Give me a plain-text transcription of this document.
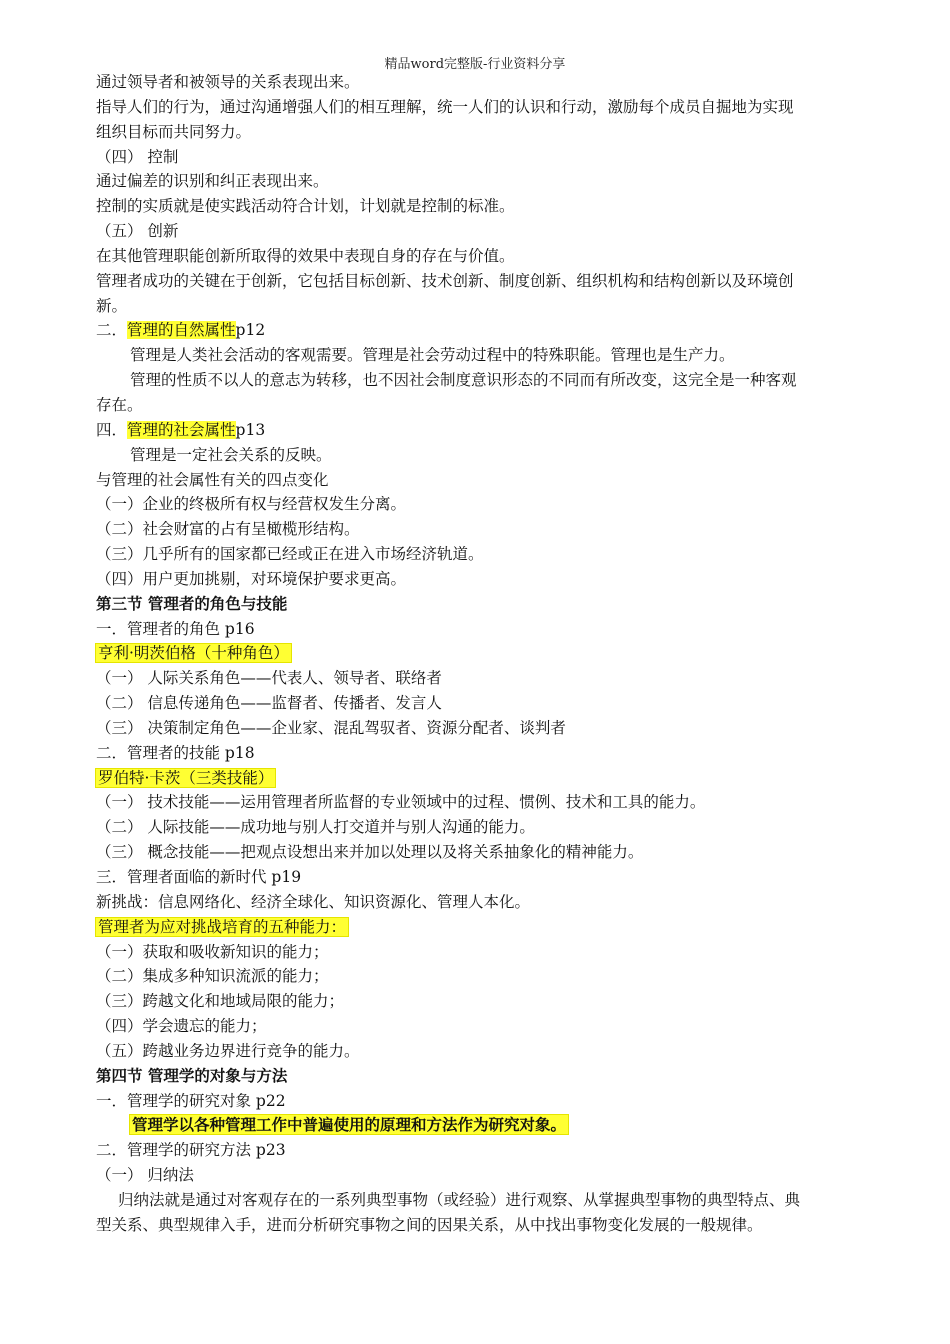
精品word完整版-行业资料分享
通过领导者和被领导的关系表现出来。
指导人们的行为，通过沟通增强人们的相互理解，统一人们的认识和行动，激励每个成员自掘地为实现
组织目标而共同努力。
（四） 控制
通过偏差的识别和纠正表现出来。
控制的实质就是使实践活动符合计划，计划就是控制的标准。
（五） 创新
在其他管理职能创新所取得的效果中表现自身的存在与价值。
管理者成功的关键在于创新，它包括目标创新、技术创新、制度创新、组织机构和结构创新以及环境创
新。
二．管理的自然属性p12
管理是人类社会活动的客观需要。管理是社会劳动过程中的特殊职能。管理也是生产力。
管理的性质不以人的意志为转移，也不因社会制度意识形态的不同而有所改变，这完全是一种客观
存在。
四．管理的社会属性p13
管理是一定社会关系的反映。
与管理的社会属性有关的四点变化
（一）企业的终极所有权与经营权发生分离。
（二）社会财富的占有呈橄榄形结构。
（三）几乎所有的国家都已经或正在进入市场经济轨道。
（四）用户更加挑剔，对环境保护要求更高。
第三节 管理者的角色与技能
一．管理者的角色 p16
亨利·明茨伯格（十种角色）
（一） 人际关系角色——代表人、领导者、联络者
（二） 信息传递角色——监督者、传播者、发言人
（三） 决策制定角色——企业家、混乱驾驭者、资源分配者、谈判者
二．管理者的技能 p18
罗伯特·卡茨（三类技能）
（一） 技术技能——运用管理者所监督的专业领域中的过程、惯例、技术和工具的能力。
（二） 人际技能——成功地与别人打交道并与别人沟通的能力。
（三） 概念技能——把观点设想出来并加以处理以及将关系抽象化的精神能力。
三．管理者面临的新时代 p19
新挑战：信息网络化、经济全球化、知识资源化、管理人本化。
管理者为应对挑战培育的五种能力：
（一）获取和吸收新知识的能力；
（二）集成多种知识流派的能力；
（三）跨越文化和地域局限的能力；
（四）学会遗忘的能力；
（五）跨越业务边界进行竞争的能力。
第四节 管理学的对象与方法
一．管理学的研究对象 p22
管理学以各种管理工作中普遍使用的原理和方法作为研究对象。
二．管理学的研究方法 p23
（一） 归纳法
归纳法就是通过对客观存在的一系列典型事物（或经验）进行观察、从掌握典型事物的典型特点、典
型关系、典型规律入手，进而分析研究事物之间的因果关系，从中找出事物变化发展的一般规律。
